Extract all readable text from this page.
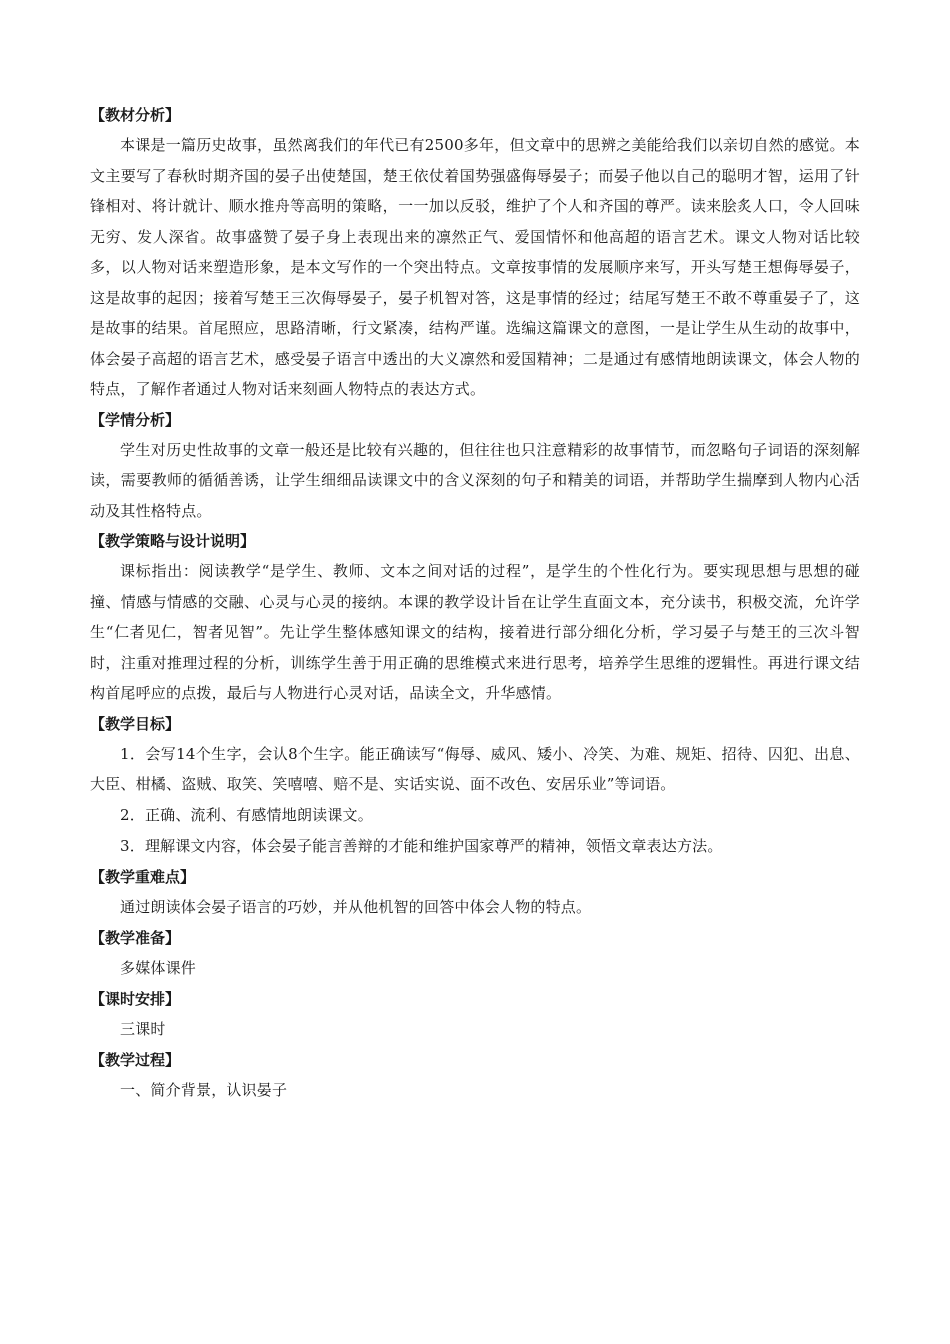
【教材分析】

本课是一篇历史故事，虽然离我们的年代已有2500多年，但文章中的思辨之美能给我们以亲切自然的感觉。本文主要写了春秋时期齐国的晏子出使楚国，楚王依仗着国势强盛侮辱晏子；而晏子他以自己的聪明才智，运用了针锋相对、将计就计、顺水推舟等高明的策略，一一加以反驳，维护了个人和齐国的尊严。读来脍炙人口，令人回味无穷、发人深省。故事盛赞了晏子身上表现出来的凛然正气、爱国情怀和他高超的语言艺术。课文人物对话比较多，以人物对话来塑造形象，是本文写作的一个突出特点。文章按事情的发展顺序来写，开头写楚王想侮辱晏子，这是故事的起因；接着写楚王三次侮辱晏子，晏子机智对答，这是事情的经过；结尾写楚王不敢不尊重晏子了，这是故事的结果。首尾照应，思路清晰，行文紧凑，结构严谨。选编这篇课文的意图，一是让学生从生动的故事中，体会晏子高超的语言艺术，感受晏子语言中透出的大义凛然和爱国精神；二是通过有感情地朗读课文，体会人物的特点，了解作者通过人物对话来刻画人物特点的表达方式。

【学情分析】

学生对历史性故事的文章一般还是比较有兴趣的，但往往也只注意精彩的故事情节，而忽略句子词语的深刻解读，需要教师的循循善诱，让学生细细品读课文中的含义深刻的句子和精美的词语，并帮助学生揣摩到人物内心活动及其性格特点。

【教学策略与设计说明】

课标指出：阅读教学“是学生、教师、文本之间对话的过程”，是学生的个性化行为。要实现思想与思想的碰撞、情感与情感的交融、心灵与心灵的接纳。本课的教学设计旨在让学生直面文本，充分读书，积极交流，允许学生“仁者见仁，智者见智”。先让学生整体感知课文的结构，接着进行部分细化分析，学习晏子与楚王的三次斗智时，注重对推理过程的分析，训练学生善于用正确的思维模式来进行思考，培养学生思维的逻辑性。再进行课文结构首尾呼应的点拨，最后与人物进行心灵对话，品读全文，升华感情。

【教学目标】

1．会写14个生字，会认8个生字。能正确读写“侮辱、威风、矮小、冷笑、为难、规矩、招待、囚犯、出息、大臣、柑橘、盗贼、取笑、笑嘻嘻、赔不是、实话实说、面不改色、安居乐业”等词语。

2．正确、流利、有感情地朗读课文。

3．理解课文内容，体会晏子能言善辩的才能和维护国家尊严的精神，领悟文章表达方法。

【教学重难点】

通过朗读体会晏子语言的巧妙，并从他机智的回答中体会人物的特点。

【教学准备】

多媒体课件

【课时安排】

三课时

【教学过程】

一、简介背景，认识晏子
